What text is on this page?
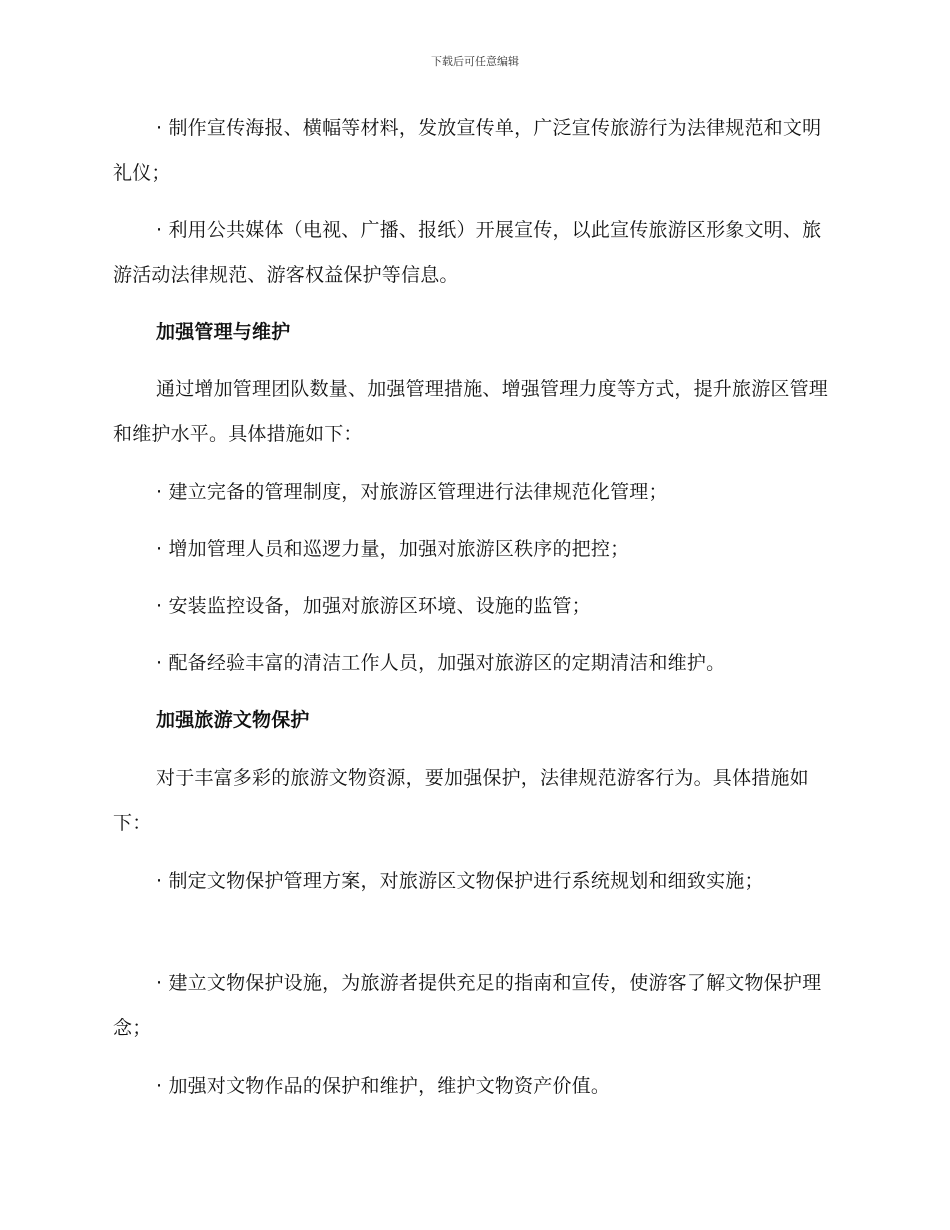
下载后可任意编辑

· 制作宣传海报、横幅等材料，发放宣传单，广泛宣传旅游行为法律规范和文明礼仪；

· 利用公共媒体（电视、广播、报纸）开展宣传，以此宣传旅游区形象文明、旅游活动法律规范、游客权益保护等信息。

加强管理与维护

通过增加管理团队数量、加强管理措施、增强管理力度等方式，提升旅游区管理和维护水平。具体措施如下：

· 建立完备的管理制度，对旅游区管理进行法律规范化管理；

· 增加管理人员和巡逻力量，加强对旅游区秩序的把控；

· 安装监控设备，加强对旅游区环境、设施的监管；

· 配备经验丰富的清洁工作人员，加强对旅游区的定期清洁和维护。

加强旅游文物保护

对于丰富多彩的旅游文物资源，要加强保护，法律规范游客行为。具体措施如下：

· 制定文物保护管理方案，对旅游区文物保护进行系统规划和细致实施；

· 建立文物保护设施，为旅游者提供充足的指南和宣传，使游客了解文物保护理念；

· 加强对文物作品的保护和维护，维护文物资产价值。
